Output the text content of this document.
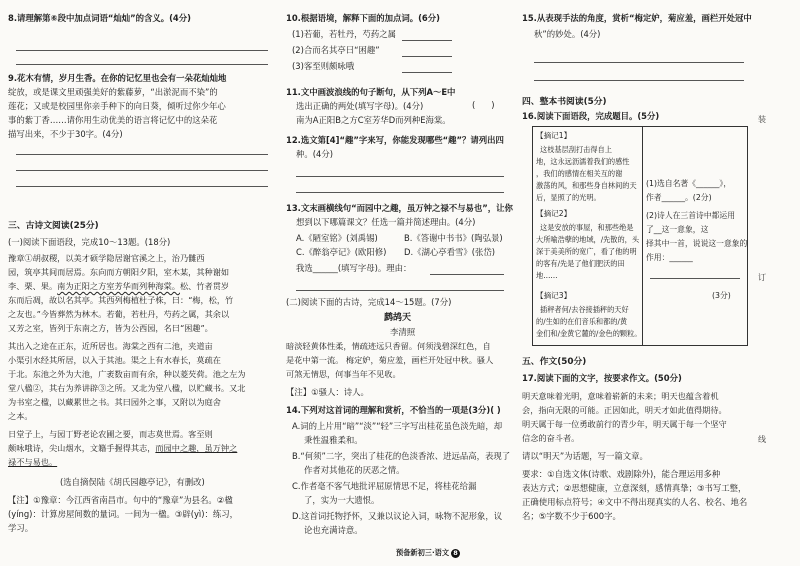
8.请理解第⑥段中加点词语“灿灿”的含义。(4分)
9.花木有情，岁月生香。在你的记忆里也会有一朵花灿灿地
绽放，或是课文里顽强美好的紫藤萝，“出淤泥而不染”的
莲花；又或是校园里你亲手种下的向日葵，倾听过你少年心
事的紫丁香……请你用生动优美的语言将记忆中的这朵花
描写出来，不少于30字。(4分)
三、古诗文阅读(25分)
(一)阅读下面语段，完成10～13题。(18分)
豫章①胡叔稷，以美才硕学隐居谢官溪之上，治乃雠西
园，筑亭其间而居焉。东向而方朝阳夕阳，室木某，其种谢如
李、栗、果。南为正阳之方室芳华而列种海棠。松、竹者贯岁
东而后凋，故以名其亭。其西列梅植杜子株，曰：“梅，松，竹
之友也。”今皆葬然为林木。若葡，若杜丹，芍药之属，其余以
又芳之室，皆列于东南之方，皆为公西园，名曰“困趣”。
其出入之途在正东，近所居也。海棠之西有二池，夹道亩
小渠引水经其所居，以入于其池。渠之上有水春长，莫疏在
于北。东池之外为大池，广袤数亩而有余，种以菱芡荷。池之左为
堂八楹②，其右为养讲辟③之所。又北为堂八楹，以贮藏书。又北
为书室之楹，以藏累世之书。其曰园外之事，又附以为庭舍
之本。
日堂子上，与园丁野老论农圃之要，而志莫世焉。客至则
颇咏哦诗，尖山烟水，文籍手握得其志，而园中之趣，虽万钟之
禄不与易也。
(选自摘俣陆《胡氏园趣亭记》，有删改)
【注】①豫章：今江西省南昌市。句中的“豫章”为县名。②楹
(yíng)：计算房屋间数的量词。一间为一楹。③辟(yì)：练习，
学习。
10.根据语境，解释下面的加点词。(6分)
(1)若葡，若牡丹，芍药之属
(2)合而名其亭曰“困趣”
(3)客至则颇咏哦
11.文中画波浪线的句子断句，从下列A～E中
选出正确的两处(填写字母)。(4分)	(      )
南为A正阳B之方C室芳华D而列种E海棠。
12.选文第[4]“趣”字来写，你能发现哪些“趣”？请列出四
种。(4分)
13.文末画横线句“而园中之趣，虽万钟之禄不与易也”，让你
想到以下哪篇课文？任选一篇并简述理由。(4分)
A.《陋室铭》(刘禹锡)	B.《答谢中书书》(陶弘景)
C.《醉翁亭记》(欧阳修) D.《湖心亭看雪》(张岱)
我选______(填写字母)。理由：
(二)阅读下面的古诗，完成14～15题。(7分)
鹧鸪天
李清照
暗淡轻黄体性柔，情疏迹远只香留。何须浅碧深红色，自
是花中第一流。 梅定妒，菊应羞，画栏开处冠中秋。骚人
可煞无情思，何事当年不见收。
【注】①骚人：诗人。
14.下列对这首词的理解和赏析，不恰当的一项是(3分)( )
A.词的上片用“暗”“淡”“轻”三字写出桂花虽色淡先暗，却
秉性温雅柔和。
B.“何须”二字，突出了桂花的色淡香浓、进远品高，表现了
作者对其他花的厌恶之情。
C.作者毫不客气地批评屈原情思不足，将桂花给漏
了，实为一大遗恨。
D.这首词托物抒怀，又兼以议论入词，咏物不泥形象，议
论也充满诗意。
15.从表现手法的角度，赏析“梅定妒，菊应羞，画栏开处冠中
秋”的妙处。(4分)
四、整本书阅读(5分)
16.阅读下面语段，完成题目。(5分)
【摘记1】
这枝基层刮打击得自上
地，这永远沥濡着我们的感性
，我们的感情在相关互的谢
激荡的风，和那些身自林间的天
后，显照了的光明。
【摘记2】
这是安放的事屋，和那些绝是
大所喻浩孽的地域，/先散的，头
深于美美所的宽广，看了他的明
的客有/先是了他们肥沃的田
地……
【摘记3】
插秤者何/去谷接插秤的天好
的/生如的在们音乐和都的/黄
金们和/金黄它麓的/金色的颗粒。
(1)选自名著《______》，
作者______。(2分)
(2)诗人在三首诗中都运用
了__这一意象，这
择其中一首，说说这一意象的
作用：______
(3分)
五、作文(50分)
17.阅读下面的文字，按要求作文。(50分)
明天意味着光明，意味着崭新的未来；明天也蕴含着机
会，指向无限的可能。正因如此，明天才如此值得期待。
明天属于每一位勇敢前行的青少年，明天属于每一个坚守
信念的奋斗者。
请以“明天”为话题，写一篇文章。
要求：①自选文体(诗歌、戏剧除外)，能合理运用多种
表达方式；②思想健康，立意深刻，感情真挚；③书写工整，
正确使用标点符号；④文中不得出现真实的人名、校名、地名
名；⑤字数不少于600字。
装
订
线
预备新初三·语文 8
